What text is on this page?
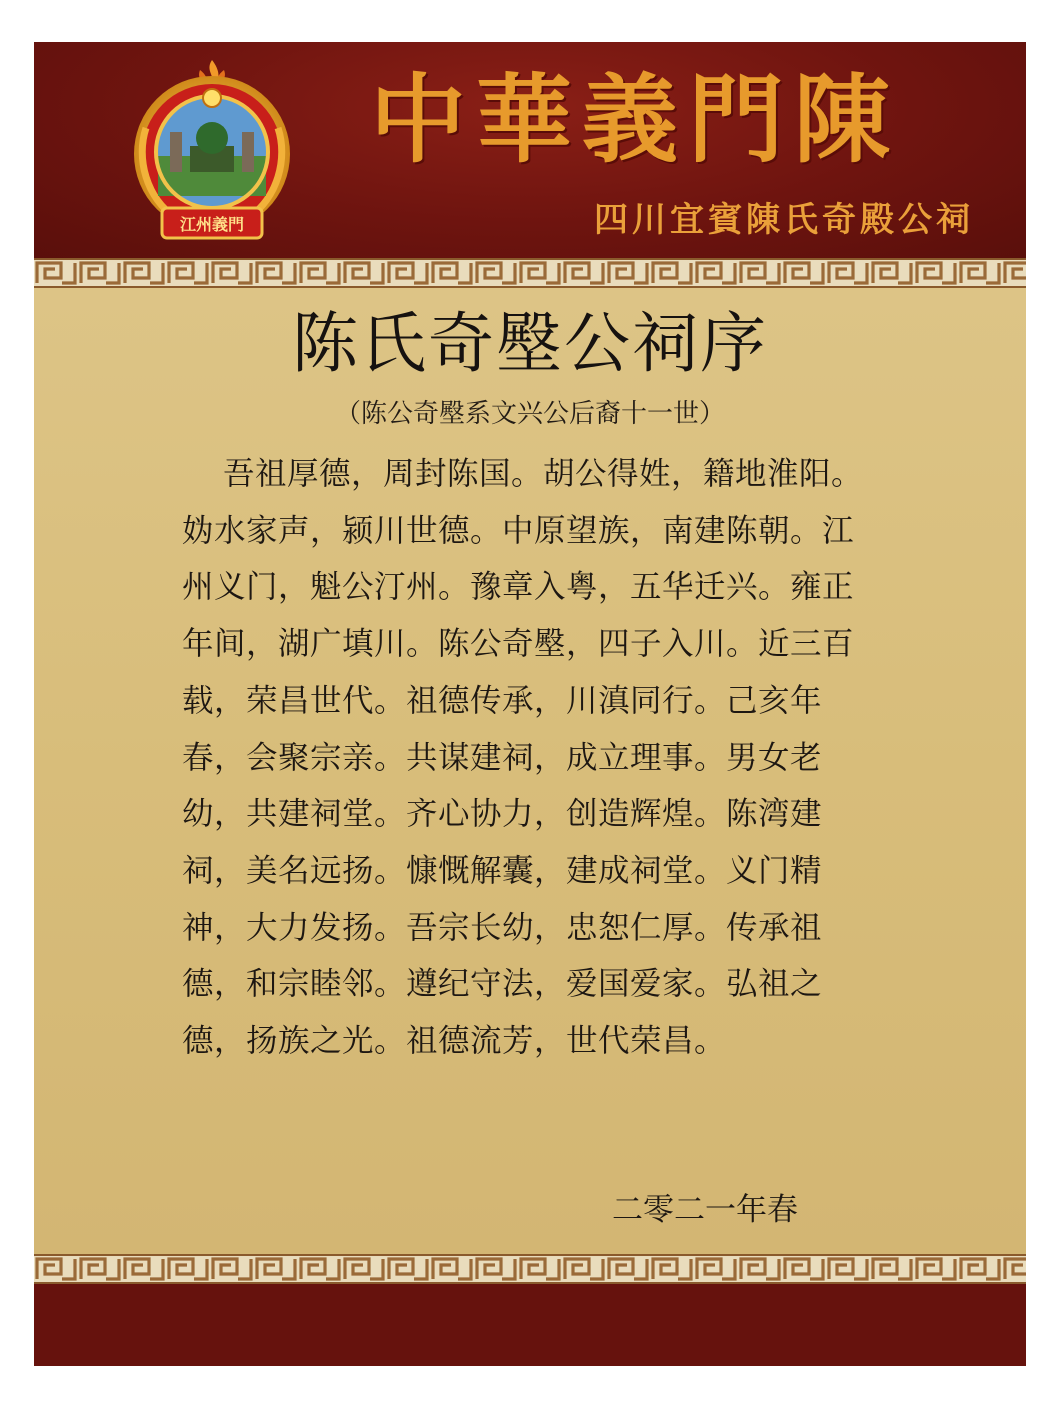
江州義門
中華義門陳
四川宜賓陳氏奇殿公祠
陈氏奇壂公祠序
（陈公奇壂系文兴公后裔十一世）

吾祖厚德，周封陈国。胡公得姓，籍地淮阳。妫水家声，颍川世德。中原望族，南建陈朝。江州义门，魁公汀州。豫章入粤，五华迁兴。雍正年间，湖广填川。陈公奇壂，四子入川。近三百载，荣昌世代。祖德传承，川滇同行。己亥年春，会聚宗亲。共谋建祠，成立理事。男女老幼，共建祠堂。齐心协力，创造辉煌。陈湾建祠，美名远扬。慷慨解囊，建成祠堂。义门精神，大力发扬。吾宗长幼，忠恕仁厚。传承祖德，和宗睦邻。遵纪守法，爱国爱家。弘祖之德，扬族之光。祖德流芳，世代荣昌。

二零二一年春
